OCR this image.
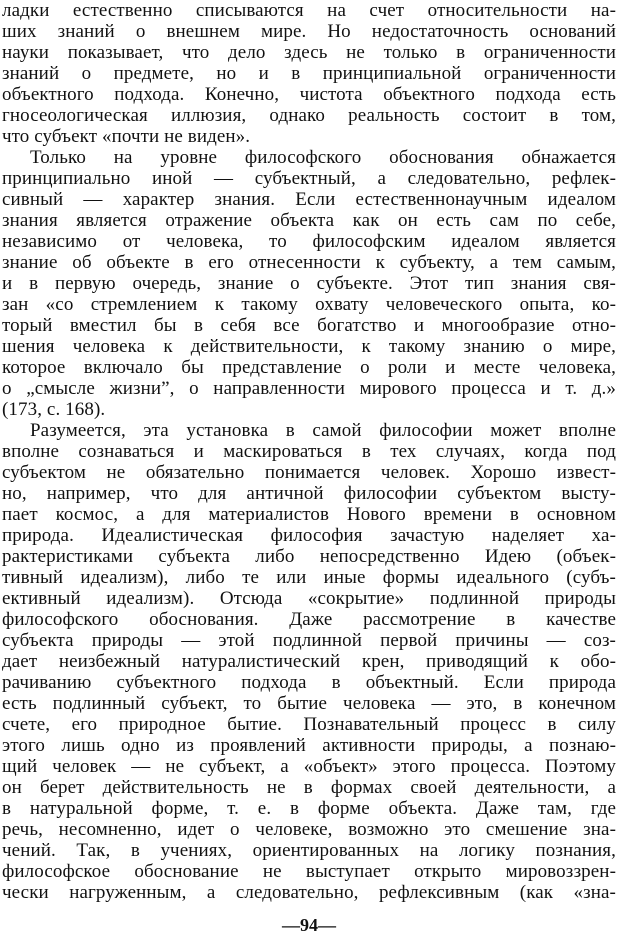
ладки естественно списываются на счет относительности на-
ших знаний о внешнем мире. Но недостаточность оснований
науки показывает, что дело здесь не только в ограниченности
знаний о предмете, но и в принципиальной ограниченности
объектного подхода. Конечно, чистота объектного подхода есть
гносеологическая иллюзия, однако реальность состоит в том,
что субъект «почти не виден».
Только на уровне философского обоснования обнажается
принципиально иной — субъектный, а следовательно, рефлек-
сивный — характер знания. Если естественнонаучным идеалом
знания является отражение объекта как он есть сам по себе,
независимо от человека, то философским идеалом является
знание об объекте в его отнесенности к субъекту, а тем самым,
и в первую очередь, знание о субъекте. Этот тип знания свя-
зан «со стремлением к такому охвату человеческого опыта, ко-
торый вместил бы в себя все богатство и многообразие отно-
шения человека к действительности, к такому знанию о мире,
которое включало бы представление о роли и месте человека,
о „смысле жизни”, о направленности мирового процесса и т. д.»
(173, с. 168).
Разумеется, эта установка в самой философии может вполне
вполне сознаваться и маскироваться в тех случаях, когда под
субъектом не обязательно понимается человек. Хорошо извест-
но, например, что для античной философии субъектом высту-
пает космос, а для материалистов Нового времени в основном
природа. Идеалистическая философия зачастую наделяет ха-
рактеристиками субъекта либо непосредственно Идею (объек-
тивный идеализм), либо те или иные формы идеального (субъ-
ективный идеализм). Отсюда «сокрытие» подлинной природы
философского обоснования. Даже рассмотрение в качестве
субъекта природы — этой подлинной первой причины — соз-
дает неизбежный натуралистический крен, приводящий к обо-
рачиванию субъектного подхода в объектный. Если природа
есть подлинный субъект, то бытие человека — это, в конечном
счете, его природное бытие. Познавательный процесс в силу
этого лишь одно из проявлений активности природы, а познаю-
щий человек — не субъект, а «объект» этого процесса. Поэтому
он берет действительность не в формах своей деятельности, а
в натуральной форме, т. е. в форме объекта. Даже там, где
речь, несомненно, идет о человеке, возможно это смешение зна-
чений. Так, в учениях, ориентированных на логику познания,
философское обоснование не выступает открыто мировоззрен-
чески нагруженным, а следовательно, рефлексивным (как «зна-
—94—
